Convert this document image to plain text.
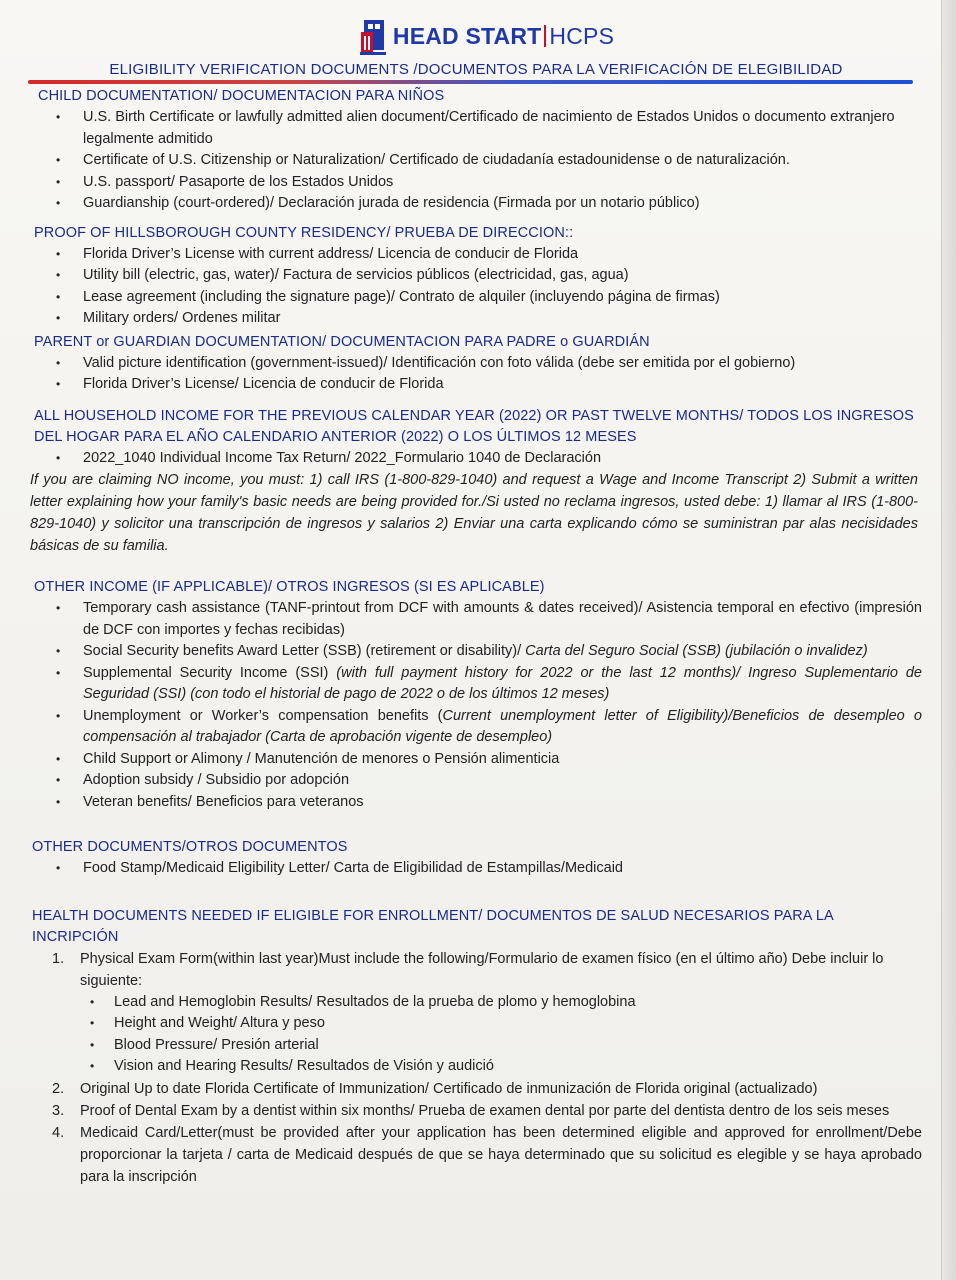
HEAD START HCPS
ELIGIBILITY VERIFICATION DOCUMENTS /DOCUMENTOS PARA LA VERIFICACIÓN DE ELEGIBILIDAD

CHILD DOCUMENTATION/ DOCUMENTACION PARA NIÑOS

• U.S. Birth Certificate or lawfully admitted alien document/Certificado de nacimiento de Estados Unidos o documento extranjero legalmente admitido
• Certificate of U.S. Citizenship or Naturalization/ Certificado de ciudadanía estadounidense o de naturalización.
• U.S. passport/ Pasaporte de los Estados Unidos
• Guardianship (court-ordered)/ Declaración jurada de residencia (Firmada por un notario público)

PROOF OF HILLSBOROUGH COUNTY RESIDENCY/ PRUEBA DE DIRECCION::

• Florida Driver’s License with current address/ Licencia de conducir de Florida
• Utility bill (electric, gas, water)/ Factura de servicios públicos (electricidad, gas, agua)
• Lease agreement (including the signature page)/ Contrato de alquiler (incluyendo página de firmas)
• Military orders/ Ordenes militar

PARENT or GUARDIAN DOCUMENTATION/ DOCUMENTACION PARA PADRE o GUARDIÁN

• Valid picture identification (government-issued)/ Identificación con foto válida (debe ser emitida por el gobierno)
• Florida Driver’s License/ Licencia de conducir de Florida

ALL HOUSEHOLD INCOME FOR THE PREVIOUS CALENDAR YEAR (2022) OR PAST TWELVE MONTHS/ TODOS LOS INGRESOS

DEL HOGAR PARA EL AÑO CALENDARIO ANTERIOR (2022) O LOS ÚLTIMOS 12 MESES

• 2022_1040 Individual Income Tax Return/ 2022_Formulario 1040 de Declaración

If you are claiming NO income, you must: 1) call IRS (1-800-829-1040) and request a Wage and Income Transcript 2) Submit a written letter explaining how your family's basic needs are being provided for./Si usted no reclama ingresos, usted debe: 1) llamar al IRS (1-800-829-1040) y solicitor una transcripción de ingresos y salarios 2) Enviar una carta explicando cómo se suministran par alas necisidades básicas de su familia.

OTHER INCOME (IF APPLICABLE)/ OTROS INGRESOS (SI ES APLICABLE)

• Temporary cash assistance (TANF-printout from DCF with amounts & dates received)/ Asistencia temporal en efectivo (impresión de DCF con importes y fechas recibidas)
• Social Security benefits Award Letter (SSB) (retirement or disability)/ Carta del Seguro Social (SSB) (jubilación o invalidez)
• Supplemental Security Income (SSI) (with full payment history for 2022 or the last 12 months)/ Ingreso Suplementario de Seguridad (SSI) (con todo el historial de pago de 2022 o de los últimos 12 meses)
• Unemployment or Worker’s compensation benefits (Current unemployment letter of Eligibility)/Beneficios de desempleo o compensación al trabajador (Carta de aprobación vigente de desempleo)
• Child Support or Alimony / Manutención de menores o Pensión alimenticia
• Adoption subsidy / Subsidio por adopción
• Veteran benefits/ Beneficios para veteranos

OTHER DOCUMENTS/OTROS DOCUMENTOS

• Food Stamp/Medicaid Eligibility Letter/ Carta de Eligibilidad de Estampillas/Medicaid

HEALTH DOCUMENTS NEEDED IF ELIGIBLE FOR ENROLLMENT/ DOCUMENTOS DE SALUD NECESARIOS PARA LA INCRIPCIÓN

1. Physical Exam Form(within last year)Must include the following/Formulario de examen físico (en el último año) Debe incluir lo siguiente:
• Lead and Hemoglobin Results/ Resultados de la prueba de plomo y hemoglobina
• Height and Weight/ Altura y peso
• Blood Pressure/ Presión arterial
• Vision and Hearing Results/ Resultados de Visión y audició
2. Original Up to date Florida Certificate of Immunization/ Certificado de inmunización de Florida original (actualizado)
3. Proof of Dental Exam by a dentist within six months/ Prueba de examen dental por parte del dentista dentro de los seis meses
4. Medicaid Card/Letter(must be provided after your application has been determined eligible and approved for enrollment/Debe proporcionar la tarjeta / carta de Medicaid después de que se haya determinado que su solicitud es elegible y se haya aprobado para la inscripción
